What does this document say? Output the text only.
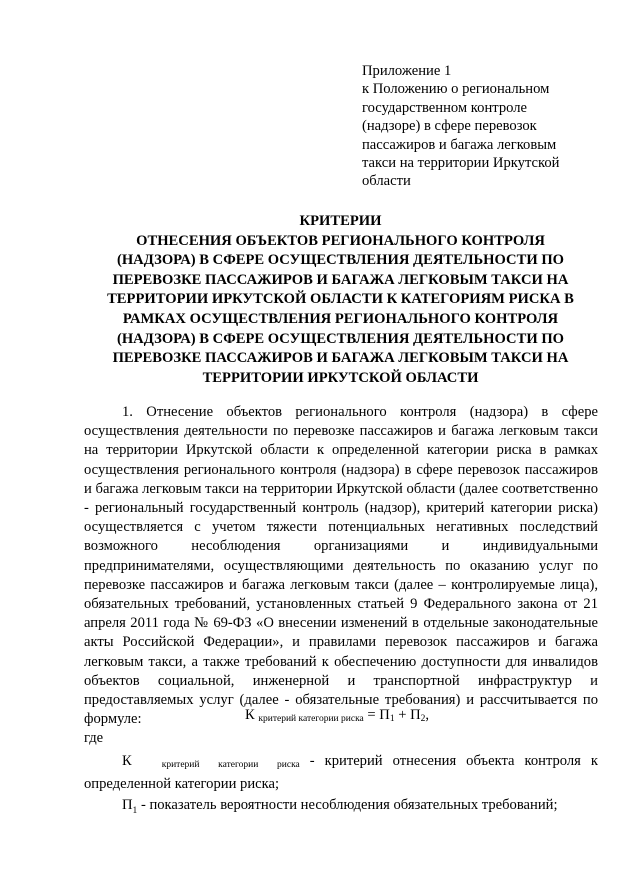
Приложение 1
к Положению о региональном
государственном контроле
(надзоре) в сфере перевозок
пассажиров и багажа легковым
такси на территории Иркутской
области
КРИТЕРИИ
ОТНЕСЕНИЯ ОБЪЕКТОВ РЕГИОНАЛЬНОГО КОНТРОЛЯ
(НАДЗОРА) В СФЕРЕ ОСУЩЕСТВЛЕНИЯ ДЕЯТЕЛЬНОСТИ ПО
ПЕРЕВОЗКЕ ПАССАЖИРОВ И БАГАЖА ЛЕГКОВЫМ ТАКСИ НА
ТЕРРИТОРИИ ИРКУТСКОЙ ОБЛАСТИ К КАТЕГОРИЯМ РИСКА В
РАМКАХ ОСУЩЕСТВЛЕНИЯ РЕГИОНАЛЬНОГО КОНТРОЛЯ
(НАДЗОРА) В СФЕРЕ ОСУЩЕСТВЛЕНИЯ ДЕЯТЕЛЬНОСТИ ПО
ПЕРЕВОЗКЕ ПАССАЖИРОВ И БАГАЖА ЛЕГКОВЫМ ТАКСИ НА
ТЕРРИТОРИИ ИРКУТСКОЙ ОБЛАСТИ

1. Отнесение объектов регионального контроля (надзора) в сфере осуществления деятельности по перевозке пассажиров и багажа легковым такси на территории Иркутской области к определенной категории риска в рамках осуществления регионального контроля (надзора) в сфере перевозок пассажиров и багажа легковым такси на территории Иркутской области (далее соответственно - региональный государственный контроль (надзор), критерий категории риска) осуществляется с учетом тяжести потенциальных негативных последствий возможного несоблюдения организациями и индивидуальными предпринимателями, осуществляющими деятельность по оказанию услуг по перевозке пассажиров и багажа легковым такси (далее – контролируемые лица), обязательных требований, установленных статьей 9 Федерального закона от 21 апреля 2011 года № 69-ФЗ «О внесении изменений в отдельные законодательные акты Российской Федерации», и правилами перевозок пассажиров и багажа легковым такси, а также требований к обеспечению доступности для инвалидов объектов социальной, инженерной и транспортной инфраструктур и предоставляемых услуг (далее - обязательные требования) и рассчитывается по формуле:	К $_{критерий категории риска} = П_1 + П_2$,
где

К	$_{критерий категории риска}$ - критерий отнесения объекта контроля к определенной категории риска;

$П_1$ - показатель вероятности несоблюдения обязательных требований;
